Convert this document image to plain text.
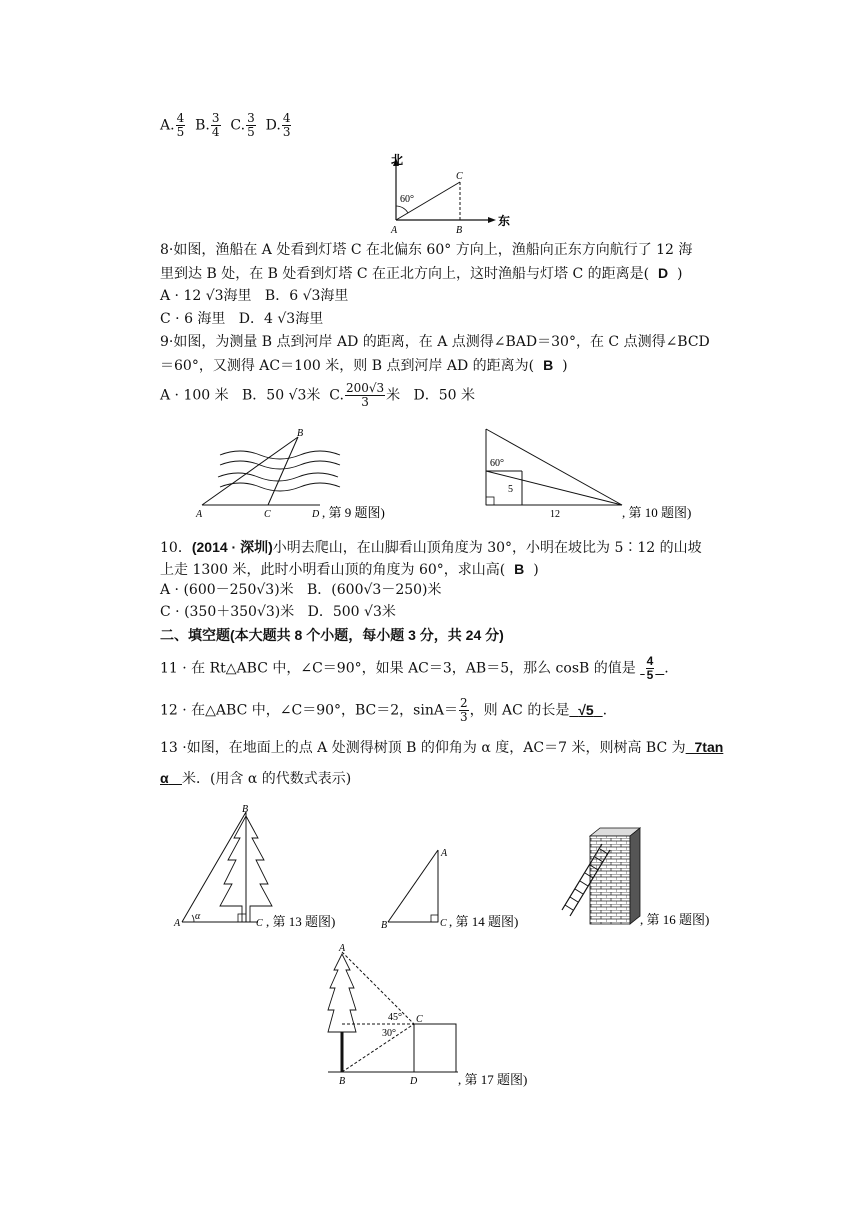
A. $\frac{4}{5} B$. $\frac{3}{4} C$. $\frac{3}{5} D$. $\frac{4}{3}$
北
东
60°
A	B
C
8·如图，渔船在 A 处看到灯塔 C 在北偏东 60° 方向上，渔船向正东方向航行了 12 海
里到达 B 处，在 B 处看到灯塔 C 在正北方向上，这时渔船与灯塔 C 的距离是( D )
A · 12 √3海里 B．6 √3海里
C · 6 海里 D．4 √3海里
9·如图，为测量 B 点到河岸 AD 的距离，在 A 点测得∠BAD＝30°，在 C 点测得∠BCD
＝60°，又测得 AC＝100 米，则 B 点到河岸 AD 的距离为( B )
A · 100 米 B．50 √3米 C. $\frac{200√3}{3}$ 米 D．50 米
B
A	C	D , 第 9 题图)
60°
5
12	, 第 10 题图)
10．(2014 · 深圳)小明去爬山，在山脚看山顶角度为 30°，小明在坡比为 5∶12 的山坡
上走 1300 米，此时小明看山顶的角度为 60°，求山高( B )
A · (600－250√3)米 B．(600√3－250)米
C · (350＋350√3)米 D．500 √3米
二、填空题(本大题共 8 个小题，每小题 3 分，共 24 分)
11 · 在 Rt△ABC 中，∠C＝90°，如果 AC＝3，AB＝5，那么 cosB 的值是 $\frac{4}{5}$ .
12 · 在△ABC 中，∠C＝90°，BC＝2，$\sin A= \frac{2}{3}$ ，则 AC 的长是 √5 .
13 ·如图，在地面上的点 A 处测得树顶 B 的仰角为 α 度，AC＝7 米，则树高 BC 为 7tan
α 米．(用含 α 的代数式表示)
B
A
α
C , 第 13 题图)
A
B	C , 第 14 题图)	, 第 16 题图)
A
B
C
D
45°
30°
, 第 17 题图)
